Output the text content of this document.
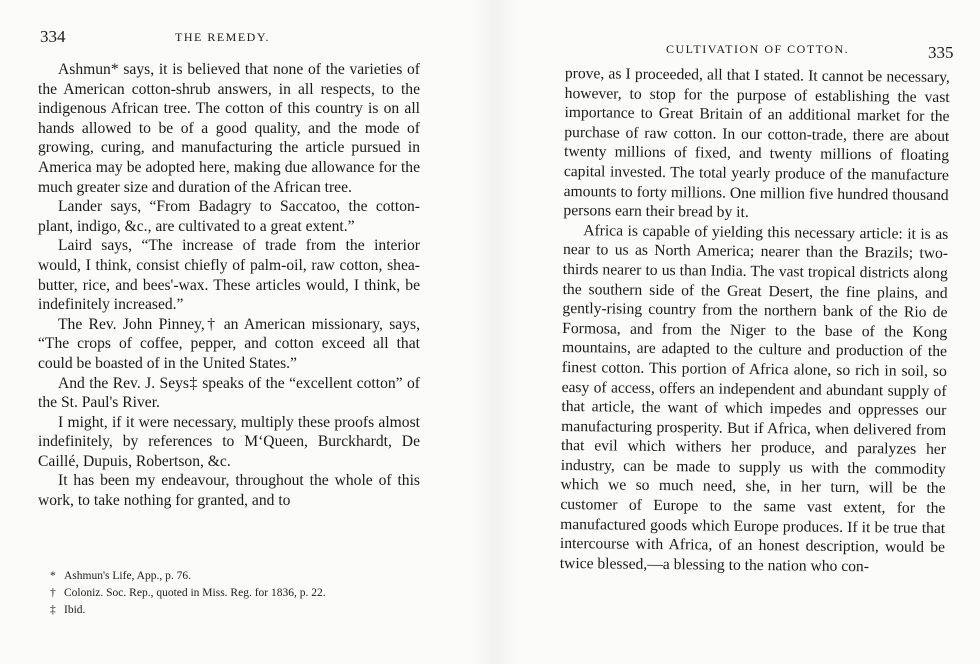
334	THE REMEDY.

Ashmun* says, it is believed that none of the varieties of the American cotton-shrub answers, in all respects, to the indigenous African tree. The cotton of this country is on all hands allowed to be of a good quality, and the mode of growing, curing, and manufacturing the article pursued in America may be adopted here, making due allowance for the much greater size and duration of the African tree.

Lander says, “From Badagry to Saccatoo, the cotton-plant, indigo, &c., are cultivated to a great extent.”

Laird says, “The increase of trade from the interior would, I think, consist chiefly of palm-oil, raw cotton, shea-butter, rice, and bees'-wax. These articles would, I think, be indefinitely increased.”

The Rev. John Pinney,† an American missionary, says, “The crops of coffee, pepper, and cotton exceed all that could be boasted of in the United States.”

And the Rev. J. Seys‡ speaks of the “excellent cotton” of the St. Paul's River.

I might, if it were necessary, multiply these proofs almost indefinitely, by references to M‘Queen, Burckhardt, De Caillé, Dupuis, Robertson, &c.

It has been my endeavour, throughout the whole of this work, to take nothing for granted, and to

* Ashmun's Life, App., p. 76.
† Coloniz. Soc. Rep., quoted in Miss. Reg. for 1836, p. 22.
‡ Ibid.
CULTIVATION OF COTTON.	335

prove, as I proceeded, all that I stated. It cannot be necessary, however, to stop for the purpose of establishing the vast importance to Great Britain of an additional market for the purchase of raw cotton. In our cotton-trade, there are about twenty millions of fixed, and twenty millions of floating capital invested. The total yearly produce of the manufacture amounts to forty millions. One million five hundred thousand persons earn their bread by it.

Africa is capable of yielding this necessary article: it is as near to us as North America; nearer than the Brazils; two-thirds nearer to us than India. The vast tropical districts along the southern side of the Great Desert, the fine plains, and gently-rising country from the northern bank of the Rio de Formosa, and from the Niger to the base of the Kong mountains, are adapted to the culture and production of the finest cotton. This portion of Africa alone, so rich in soil, so easy of access, offers an independent and abundant supply of that article, the want of which impedes and oppresses our manufacturing prosperity. But if Africa, when delivered from that evil which withers her produce, and paralyzes her industry, can be made to supply us with the commodity which we so much need, she, in her turn, will be the customer of Europe to the same vast extent, for the manufactured goods which Europe produces. If it be true that intercourse with Africa, of an honest description, would be twice blessed,—a blessing to the nation who con-
